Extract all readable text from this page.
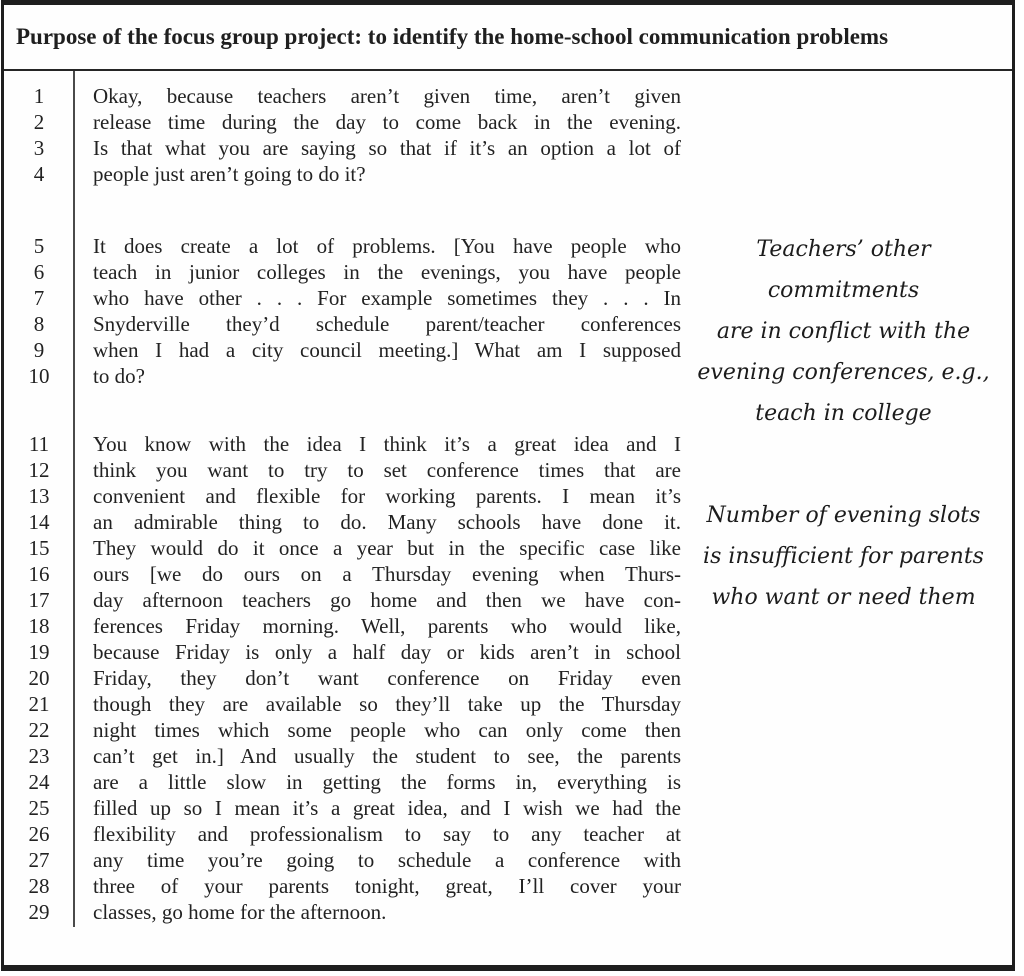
Purpose of the focus group project: to identify the home-school communication problems
1
2
3
4
5
6
7
8
9
10
11
12
13
14
15
16
17
18
19
20
21
22
23
24
25
26
27
28
29
Okay, because teachers aren’t given time, aren’t given
release time during the day to come back in the evening.
Is that what you are saying so that if it’s an option a lot of
people just aren’t going to do it?
It does create a lot of problems. [You have people who
teach in junior colleges in the evenings, you have people
who have other . . . For example sometimes they . . . In
Snyderville they’d schedule parent/teacher conferences
when I had a city council meeting.] What am I supposed
to do?
You know with the idea I think it’s a great idea and I
think you want to try to set conference times that are
convenient and flexible for working parents. I mean it’s
an admirable thing to do. Many schools have done it.
They would do it once a year but in the specific case like
ours [we do ours on a Thursday evening when Thurs-
day afternoon teachers go home and then we have con-
ferences Friday morning. Well, parents who would like,
because Friday is only a half day or kids aren’t in school
Friday, they don’t want conference on Friday even
though they are available so they’ll take up the Thursday
night times which some people who can only come then
can’t get in.] And usually the student to see, the parents
are a little slow in getting the forms in, everything is
filled up so I mean it’s a great idea, and I wish we had the
flexibility and professionalism to say to any teacher at
any time you’re going to schedule a conference with
three of your parents tonight, great, I’ll cover your
classes, go home for the afternoon.
Teachers’ other commitments
are in conflict with the
evening conferences, e.g.,
teach in college
Number of evening slots
is insufficient for parents
who want or need them
